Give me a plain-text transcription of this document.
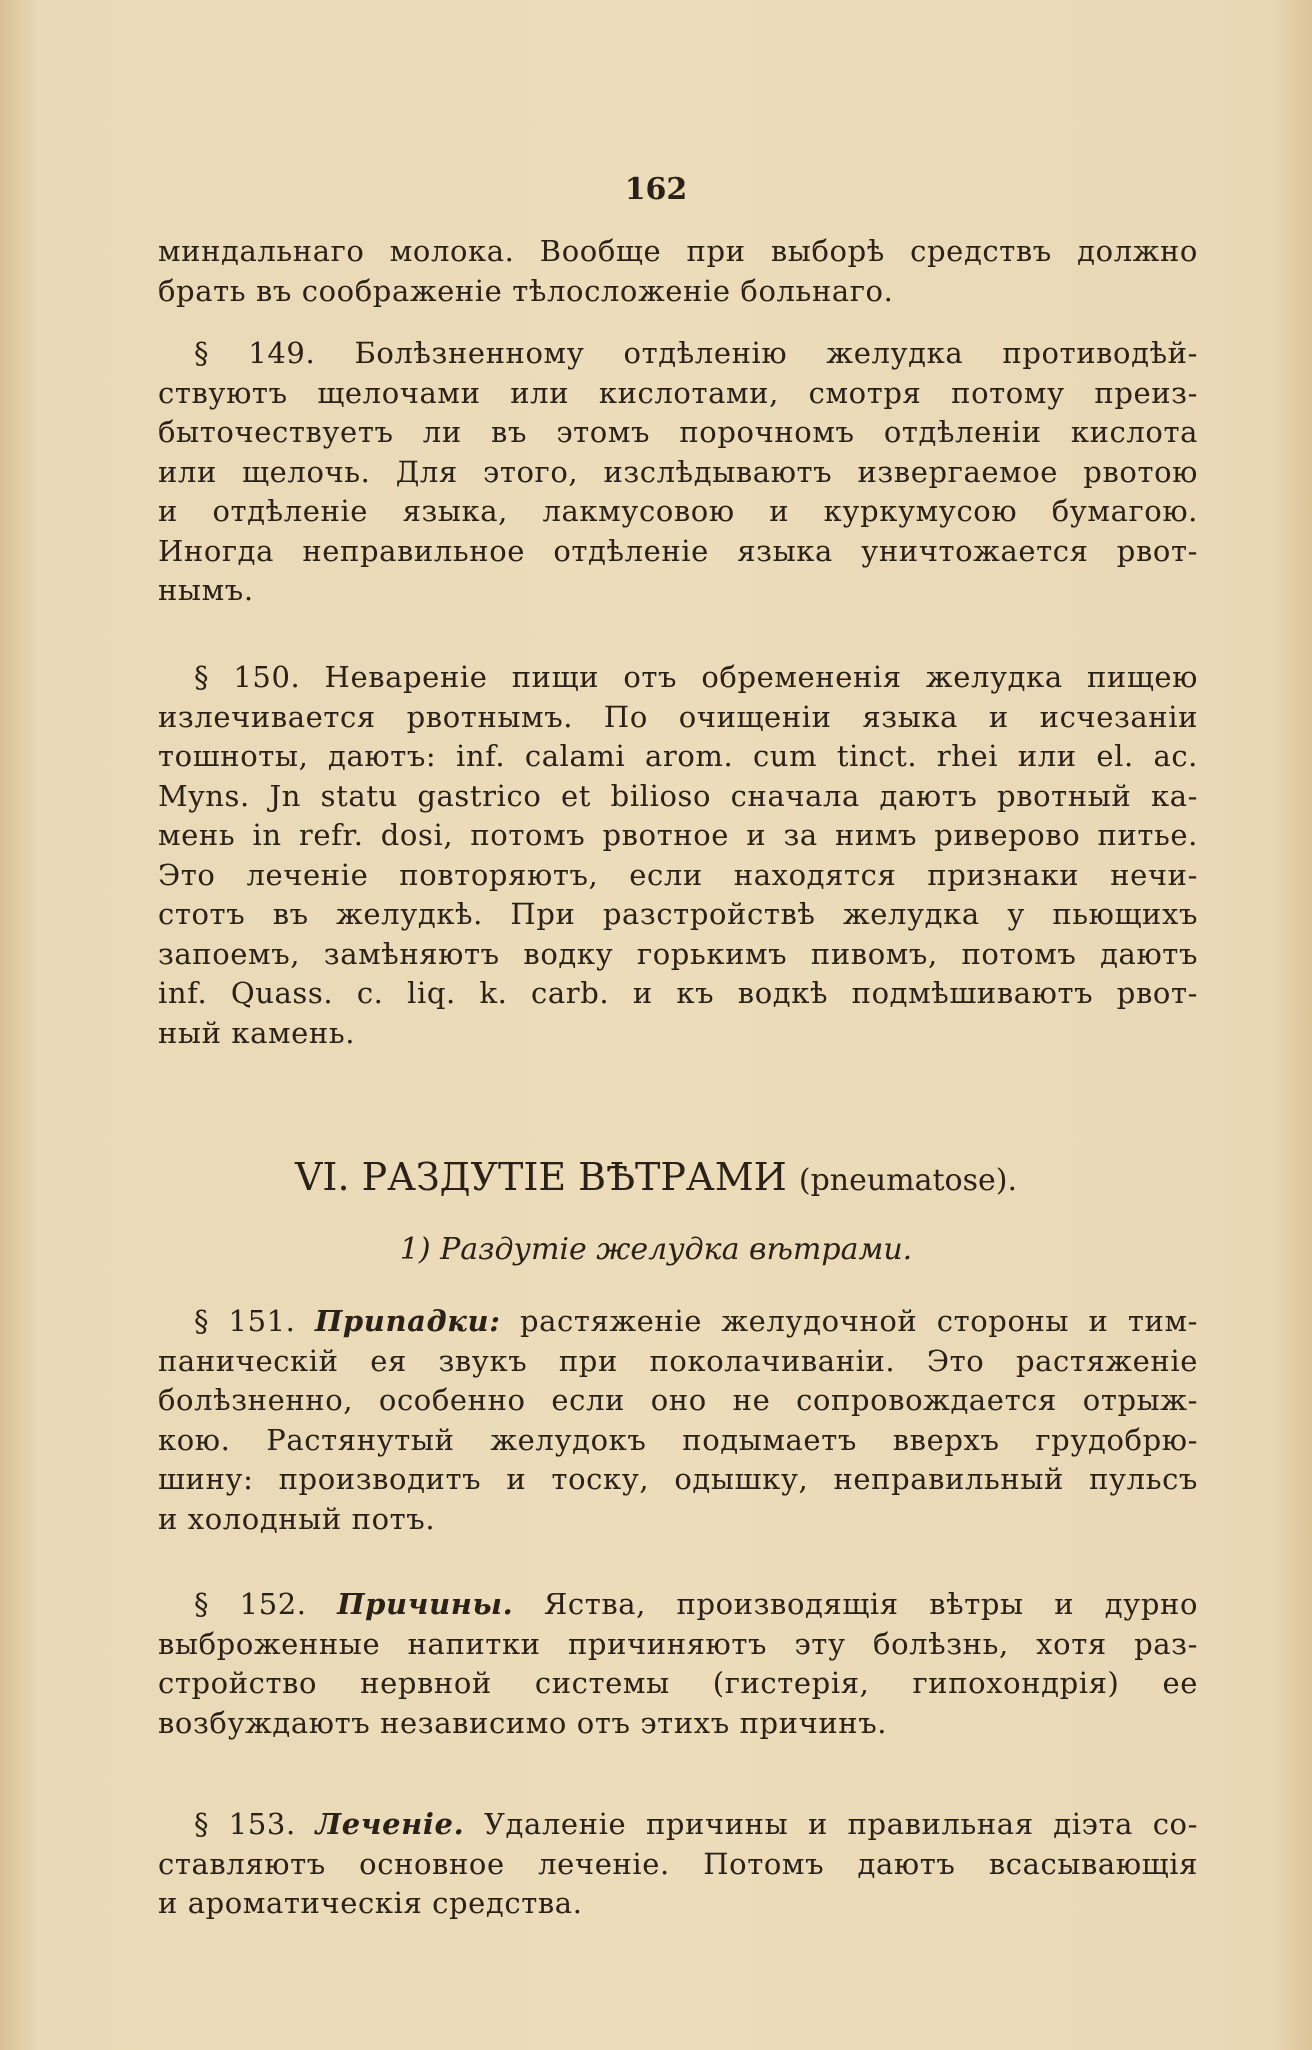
162

миндальнаго молока. Вообще при выборѣ средствъ должно

брать въ соображеніе тѣлосложеніе больнаго.

§ 149. Болѣзненному отдѣленію желудка противодѣй-

ствуютъ щелочами или кислотами, смотря потому преиз-

быточествуетъ ли въ этомъ порочномъ отдѣленіи кислота

или щелочь. Для этого, изслѣдываютъ извергаемое рвотою

и отдѣленіе языка, лакмусовою и куркумусою бумагою.

Иногда неправильное отдѣленіе языка уничтожается рвот-

нымъ.

§ 150. Невареніе пищи отъ обремененія желудка пищею

излечивается рвотнымъ. По очищеніи языка и исчезаніи

тошноты, даютъ: inf. calami arom. cum tinct. rhei или el. ac.

Myns. Jn statu gastrico et bilioso сначала даютъ рвотный ка-

мень in refr. dosi, потомъ рвотное и за нимъ риверово питье.

Это леченіе повторяютъ, если находятся признаки нечи-

стотъ въ желудкѣ. При разстройствѣ желудка у пьющихъ

запоемъ, замѣняютъ водку горькимъ пивомъ, потомъ даютъ

inf. Quass. c. liq. k. carb. и къ водкѣ подмѣшиваютъ рвот-

ный камень.

VI. РАЗДУТІЕ ВѢТРАМИ (pneumatose).
1) Раздутіе желудка вѣтрами.

§ 151. Припадки: растяженіе желудочной стороны и тим-

паническій ея звукъ при поколачиваніи. Это растяженіе

болѣзненно, особенно если оно не сопровождается отрыж-

кою. Растянутый желудокъ подымаетъ вверхъ грудобрю-

шину: производитъ и тоску, одышку, неправильный пульсъ

и холодный потъ.

§ 152. Причины. Яства, производящія вѣтры и дурно

выброженные напитки причиняютъ эту болѣзнь, хотя раз-

стройство нервной системы (гистерія, гипохондрія) ее

возбуждаютъ независимо отъ этихъ причинъ.

§ 153. Леченіе. Удаленіе причины и правильная діэта со-

ставляютъ основное леченіе. Потомъ даютъ всасывающія

и ароматическія средства.
